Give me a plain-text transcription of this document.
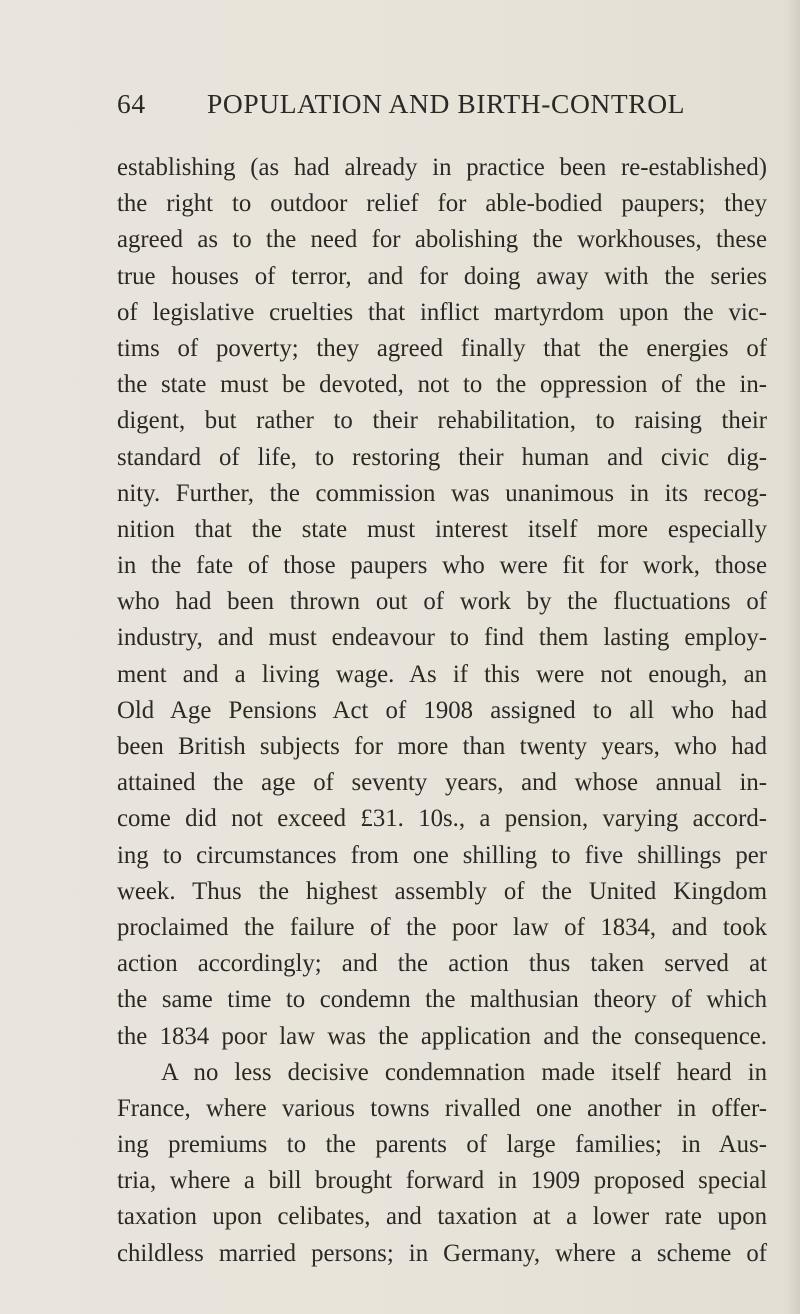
64 POPULATION AND BIRTH-CONTROL
establishing (as had already in practice been re-established)
the right to outdoor relief for able-bodied paupers; they
agreed as to the need for abolishing the workhouses, these
true houses of terror, and for doing away with the series
of legislative cruelties that inflict martyrdom upon the vic-
tims of poverty; they agreed finally that the energies of
the state must be devoted, not to the oppression of the in-
digent, but rather to their rehabilitation, to raising their
standard of life, to restoring their human and civic dig-
nity. Further, the commission was unanimous in its recog-
nition that the state must interest itself more especially
in the fate of those paupers who were fit for work, those
who had been thrown out of work by the fluctuations of
industry, and must endeavour to find them lasting employ-
ment and a living wage. As if this were not enough, an
Old Age Pensions Act of 1908 assigned to all who had
been British subjects for more than twenty years, who had
attained the age of seventy years, and whose annual in-
come did not exceed £31. 10s., a pension, varying accord-
ing to circumstances from one shilling to five shillings per
week. Thus the highest assembly of the United Kingdom
proclaimed the failure of the poor law of 1834, and took
action accordingly; and the action thus taken served at
the same time to condemn the malthusian theory of which
the 1834 poor law was the application and the consequence.
A no less decisive condemnation made itself heard in
France, where various towns rivalled one another in offer-
ing premiums to the parents of large families; in Aus-
tria, where a bill brought forward in 1909 proposed special
taxation upon celibates, and taxation at a lower rate upon
childless married persons; in Germany, where a scheme of
